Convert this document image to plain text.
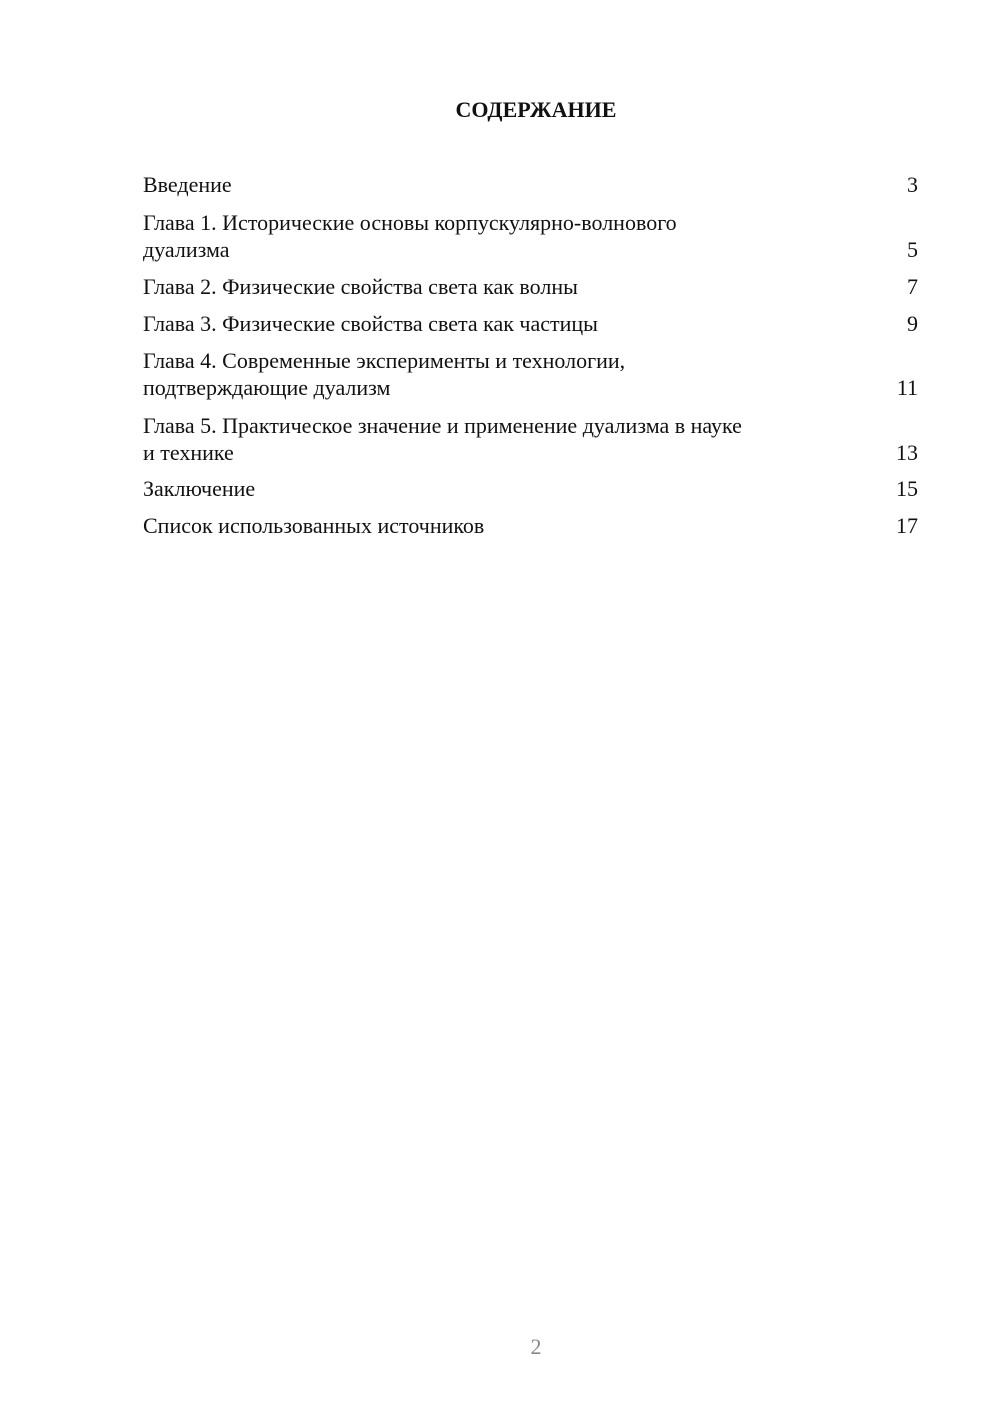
СОДЕРЖАНИЕ
Введение	3
Глава 1. Исторические основы корпускулярно-волнового
дуализма	5
Глава 2. Физические свойства света как волны	7
Глава 3. Физические свойства света как частицы	9
Глава 4. Современные эксперименты и технологии,
подтверждающие дуализм	11
Глава 5. Практическое значение и применение дуализма в науке
и технике	13
Заключение	15
Список использованных источников	17
2
